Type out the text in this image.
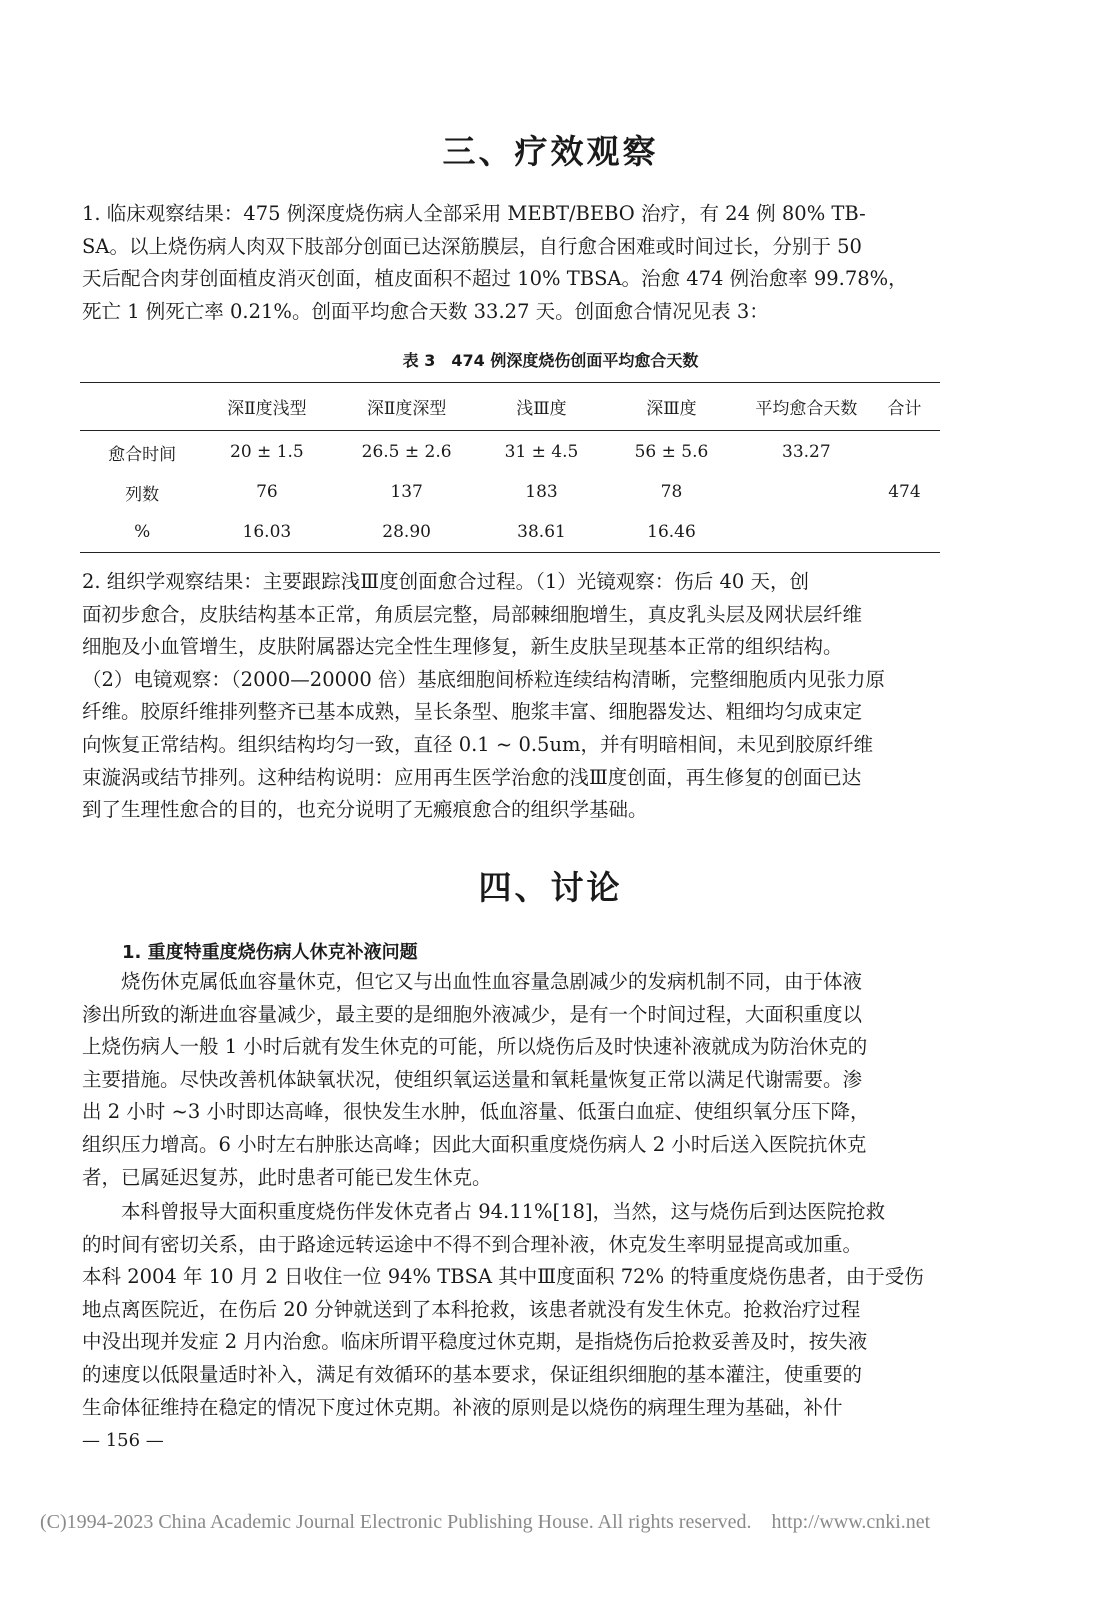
三、疗效观察

1. 临床观察结果：475 例深度烧伤病人全部采用 MEBT/BEBO 治疗，有 24 例 80% TB-
SA。以上烧伤病人肉双下肢部分创面已达深筋膜层，自行愈合困难或时间过长，分别于 50
天后配合肉芽创面植皮消灭创面，植皮面积不超过 10% TBSA。治愈 474 例治愈率 99.78%，
死亡 1 例死亡率 0.21%。创面平均愈合天数 33.27 天。创面愈合情况见表 3：

表 3　474 例深度烧伤创面平均愈合天数
	深Ⅱ度浅型	深Ⅱ度深型	浅Ⅲ度	深Ⅲ度	平均愈合天数	合计
愈合时间	20 ± 1.5	26.5 ± 2.6	31 ± 4.5	56 ± 5.6	33.27	
列数	76	137	183	78		474
%	16.03	28.90	38.61	16.46		

2. 组织学观察结果：主要跟踪浅Ⅲ度创面愈合过程。（1）光镜观察：伤后 40 天，创
面初步愈合，皮肤结构基本正常，角质层完整，局部棘细胞增生，真皮乳头层及网状层纤维
细胞及小血管增生，皮肤附属器达完全性生理修复，新生皮肤呈现基本正常的组织结构。
（2）电镜观察：（2000—20000 倍）基底细胞间桥粒连续结构清晰，完整细胞质内见张力原
纤维。胶原纤维排列整齐已基本成熟，呈长条型、胞浆丰富、细胞器发达、粗细均匀成束定
向恢复正常结构。组织结构均匀一致，直径 0.1 ~ 0.5um，并有明暗相间，未见到胶原纤维
束漩涡或结节排列。这种结构说明：应用再生医学治愈的浅Ⅲ度创面，再生修复的创面已达
到了生理性愈合的目的，也充分说明了无瘢痕愈合的组织学基础。

四、讨论
1. 重度特重度烧伤病人休克补液问题

　　烧伤休克属低血容量休克，但它又与出血性血容量急剧减少的发病机制不同，由于体液
渗出所致的渐进血容量减少，最主要的是细胞外液减少，是有一个时间过程，大面积重度以
上烧伤病人一般 1 小时后就有发生休克的可能，所以烧伤后及时快速补液就成为防治休克的
主要措施。尽快改善机体缺氧状况，使组织氧运送量和氧耗量恢复正常以满足代谢需要。渗
出 2 小时 ~3 小时即达高峰，很快发生水肿，低血溶量、低蛋白血症、使组织氧分压下降，
组织压力增高。6 小时左右肿胀达高峰；因此大面积重度烧伤病人 2 小时后送入医院抗休克
者，已属延迟复苏，此时患者可能已发生休克。

　　本科曾报导大面积重度烧伤伴发休克者占 94.11%[18]，当然，这与烧伤后到达医院抢救
的时间有密切关系，由于路途远转运途中不得不到合理补液，休克发生率明显提高或加重。
本科 2004 年 10 月 2 日收住一位 94% TBSA 其中Ⅲ度面积 72% 的特重度烧伤患者，由于受伤
地点离医院近，在伤后 20 分钟就送到了本科抢救，该患者就没有发生休克。抢救治疗过程
中没出现并发症 2 月内治愈。临床所谓平稳度过休克期，是指烧伤后抢救妥善及时，按失液
的速度以低限量适时补入，满足有效循环的基本要求，保证组织细胞的基本灌注，使重要的
生命体征维持在稳定的情况下度过休克期。补液的原则是以烧伤的病理生理为基础，补什

— 156 —
(C)1994-2023 China Academic Journal Electronic Publishing House. All rights reserved.　http://www.cnki.net
